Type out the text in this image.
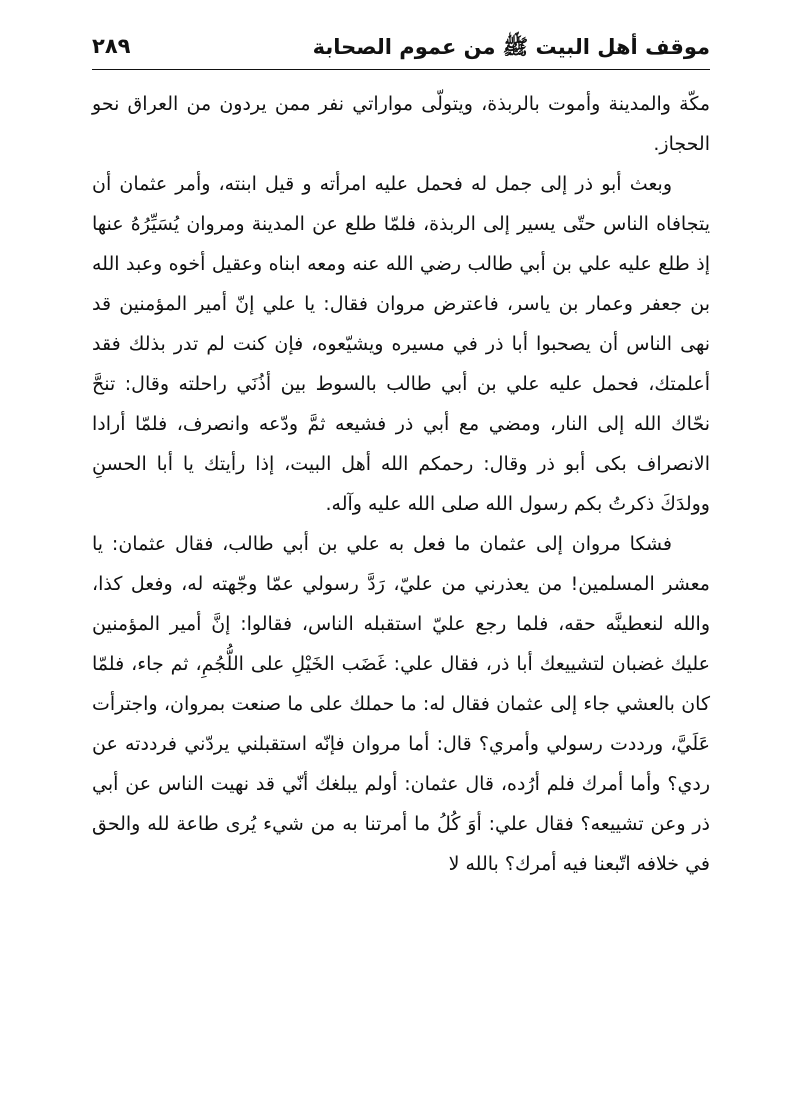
موقف أهل البيت ﷺ من عموم الصحابة
٢٨٩

مكّة والمدينة وأموت بالربذة، ويتولّى مواراتي نفر ممن يردون من العراق نحو الحجاز.

وبعث أبو ذر إلى جمل له فحمل عليه امرأته و قيل ابنته، وأمر عثمان أن يتجافاه الناس حتّى يسير إلى الربذة، فلمّا طلع عن المدينة ومروان يُسَيِّرُهُ عنها إذ طلع عليه علي بن أبي طالب رضي الله عنه ومعه ابناه وعقيل أخوه وعبد الله بن جعفر وعمار بن ياسر، فاعترض مروان فقال: يا علي إنّ أمير المؤمنين قد نهى الناس أن يصحبوا أبا ذر في مسيره ويشيّعوه، فإن كنت لم تدر بذلك فقد أعلمتك، فحمل عليه علي بن أبي طالب بالسوط بين أذُنَي راحلته وقال: تنحَّ نحّاك الله إلى النار، ومضي مع أبي ذر فشيعه ثمَّ ودّعه وانصرف، فلمّا أرادا الانصراف بكى أبو ذر وقال: رحمكم الله أهل البيت، إذا رأيتك يا أبا الحسنِ وولدَكَ ذكرتُ بكم رسول الله صلى الله عليه وآله.

فشكا مروان إلى عثمان ما فعل به علي بن أبي طالب، فقال عثمان: يا معشر المسلمين! من يعذرني من عليّ، رَدَّ رسولي عمّا وجّهته له، وفعل كذا، والله لنعطينَّه حقه، فلما رجع عليّ استقبله الناس، فقالوا: إنَّ أمير المؤمنين عليك غضبان لتشييعك أبا ذر، فقال علي: غَضَب الخَيْلِ على اللُّجُمِ، ثم جاء، فلمّا كان بالعشي جاء إلى عثمان فقال له: ما حملك على ما صنعت بمروان، واجترأت عَلَيَّ، ورددت رسولي وأمري؟ قال: أما مروان فإنّه استقبلني يردّني فرددته عن ردي؟ وأما أمرك فلم أرُده، قال عثمان: أولم يبلغك أنّي قد نهيت الناس عن أبي ذر وعن تشييعه؟ فقال علي: أوَ كُلُ ما أمرتنا به من شيء يُرى طاعة لله والحق في خلافه اتّبعنا فيه أمرك؟ بالله لا
